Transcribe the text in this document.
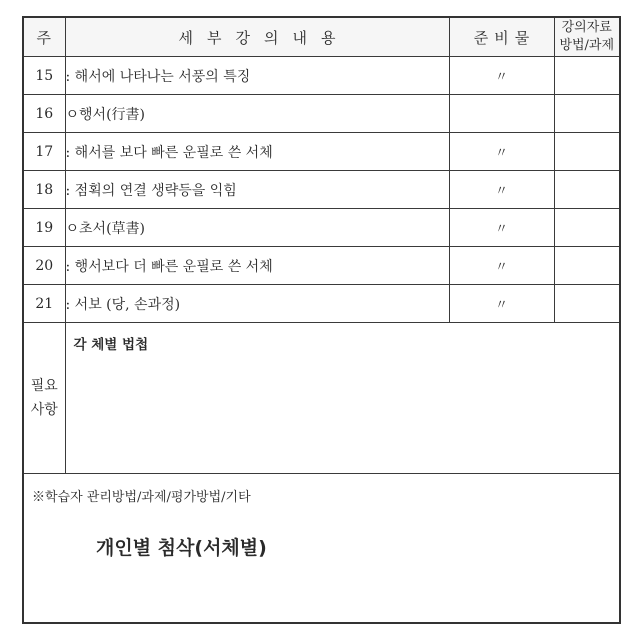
주	세부강의내용	준비물	강의자료
방법/과제

15	: 해서에 나타나는 서풍의 특징	〃	
16	ㅇ행서(行書)		
17	: 해서를 보다 빠른 운필로 쓴 서체	〃	
18	: 점획의 연결 생략등을 익힘	〃	
19	ㅇ초서(草書)	〃	
20	: 행서보다 더 빠른 운필로 쓴 서체	〃	
21	: 서보 (당, 손과정)	〃	

필요
사항	각 체별 법첩		

※학습자 관리방법/과제/평가방법/기타
개인별 첨삭(서체별)			
